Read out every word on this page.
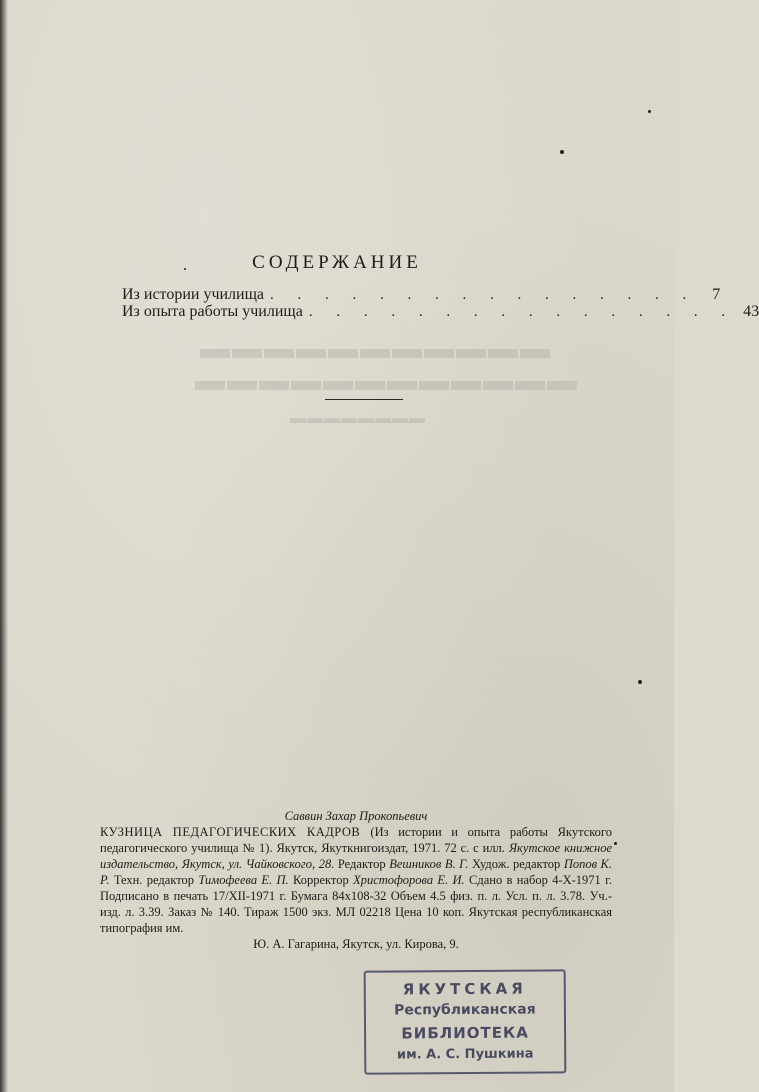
▬▬▬▬▬▬▬▬▬▬▬
▬▬▬▬▬▬▬▬▬▬▬▬
▬▬▬▬▬▬▬▬
СОДЕРЖАНИЕ
Из истории училища . . . . . . . . . . . . . . . .	7
Из опыта работы училища . . . . . . . . . . . . . . . . 43
Саввин Захар Прокопьевич
КУЗНИЦА ПЕДАГОГИЧЕСКИХ КАДРОВ (Из истории и опыта работы Якутского педагогического училища № 1). Якутск, Якуткнигоиздат, 1971. 72 с. с илл. Якутское книжное издательство, Якутск, ул. Чайковского, 28. Редактор Вешников В. Г. Худож. редактор Попов К. Р. Техн. редактор Тимофеева Е. П. Корректор Христофорова Е. И. Сдано в набор 4-X-1971 г. Подписано в печать 17/XII-1971 г. Бумага 84x108-32 Объем 4.5 физ. п. л. Усл. п. л. 3.78. Уч.-изд. л. 3.39. Заказ № 140. Тираж 1500 экз. МЛ 02218 Цена 10 коп. Якутская республиканская типография им.
Ю. А. Гагарина, Якутск, ул. Кирова, 9.
ЯКУТСКАЯ
Республиканская
БИБЛИОТЕКА
им. А. С. Пушкина
